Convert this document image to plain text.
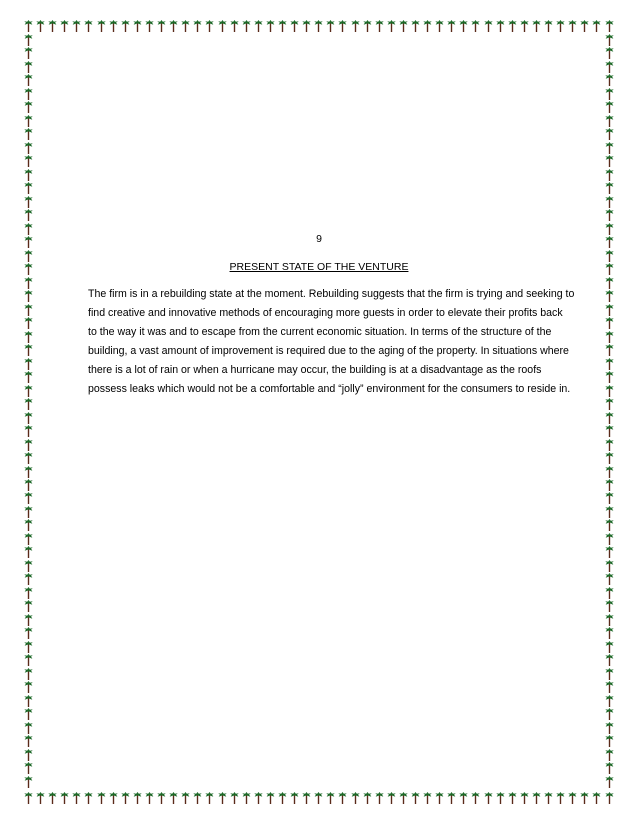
9
PRESENT STATE OF THE VENTURE
The firm is in a rebuilding state at the moment. Rebuilding suggests that the firm is trying and seeking to
find creative and innovative methods of encouraging more guests in order to elevate their profits back
to the way it was and to escape from the current economic situation. In terms of the structure of the
building, a vast amount of improvement is required due to the aging of the property. In situations where
there is a lot of rain or when a hurricane may occur, the building is at a disadvantage as the roofs
possess leaks which would not be a comfortable and “jolly” environment for the consumers to reside in.
